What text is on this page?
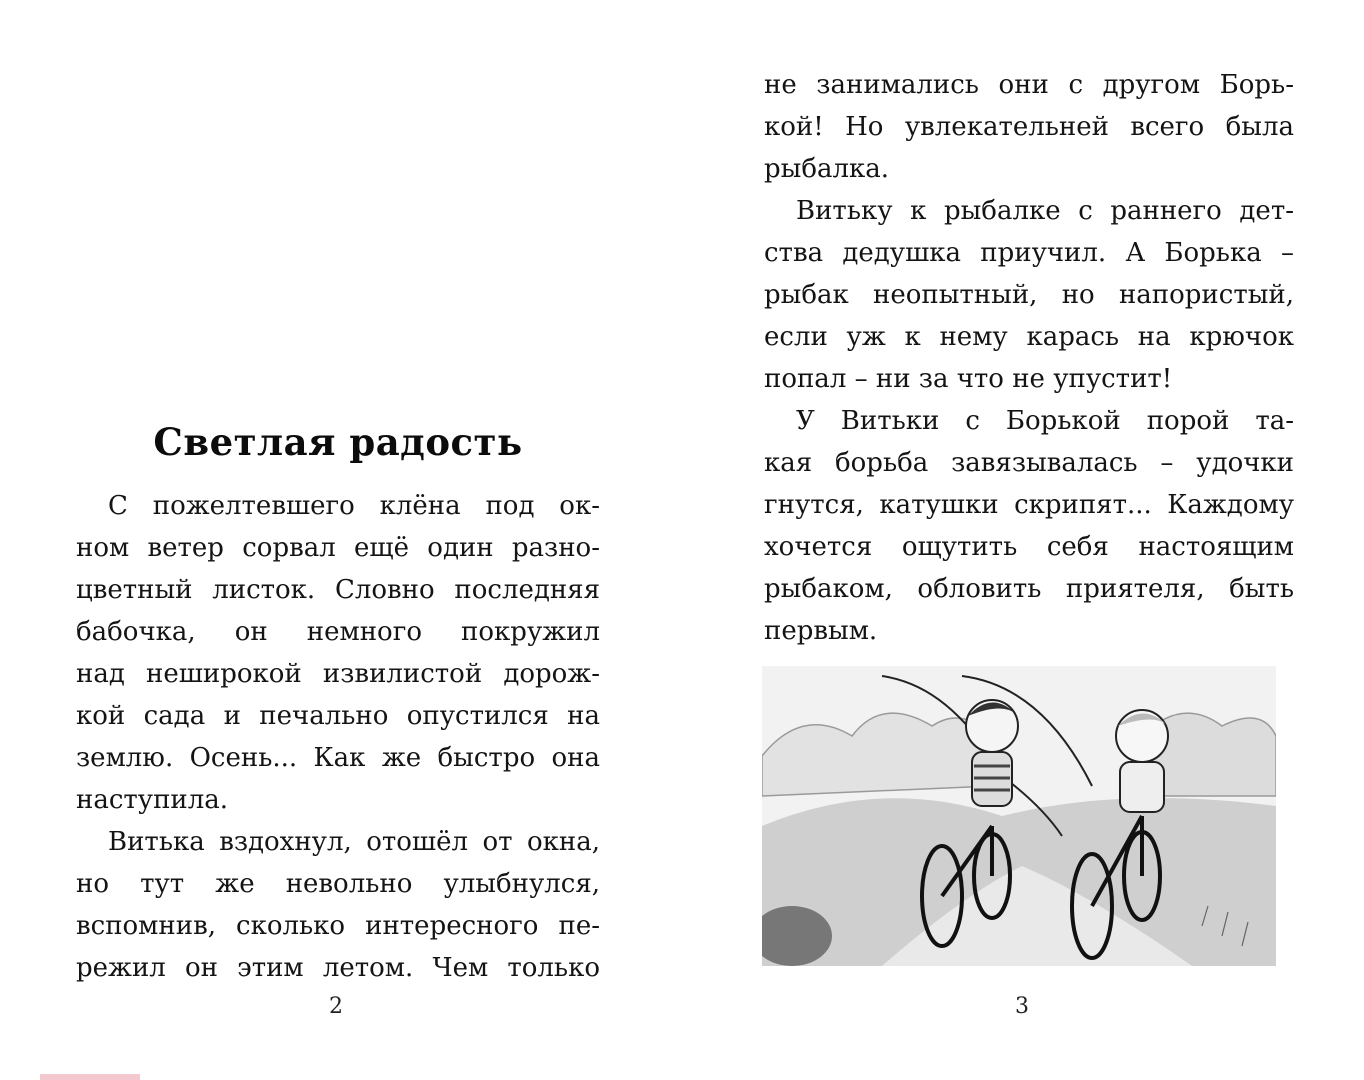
Светлая радость
С пожелтевшего клёна под ок-
ном ветер сорвал ещё один разно-
цветный листок. Словно последняя
бабочка, он немного покружил
над неширокой извилистой дорож-
кой сада и печально опустился на
землю. Осень... Как же быстро она
наступила.
Витька вздохнул, отошёл от окна,
но тут же невольно улыбнулся,
вспомнив, сколько интересного пе-
режил он этим летом. Чем только
2
не занимались они с другом Борь-
кой! Но увлекательней всего была
рыбалка.
Витьку к рыбалке с раннего дет-
ства дедушка приучил. А Борька –
рыбак неопытный, но напористый,
если уж к нему карась на крючок
попал – ни за что не упустит!
У Витьки с Борькой порой та-
кая борьба завязывалась – удочки
гнутся, катушки скрипят... Каждому
хочется ощутить себя настоящим
рыбаком, обловить приятеля, быть
первым.
3
